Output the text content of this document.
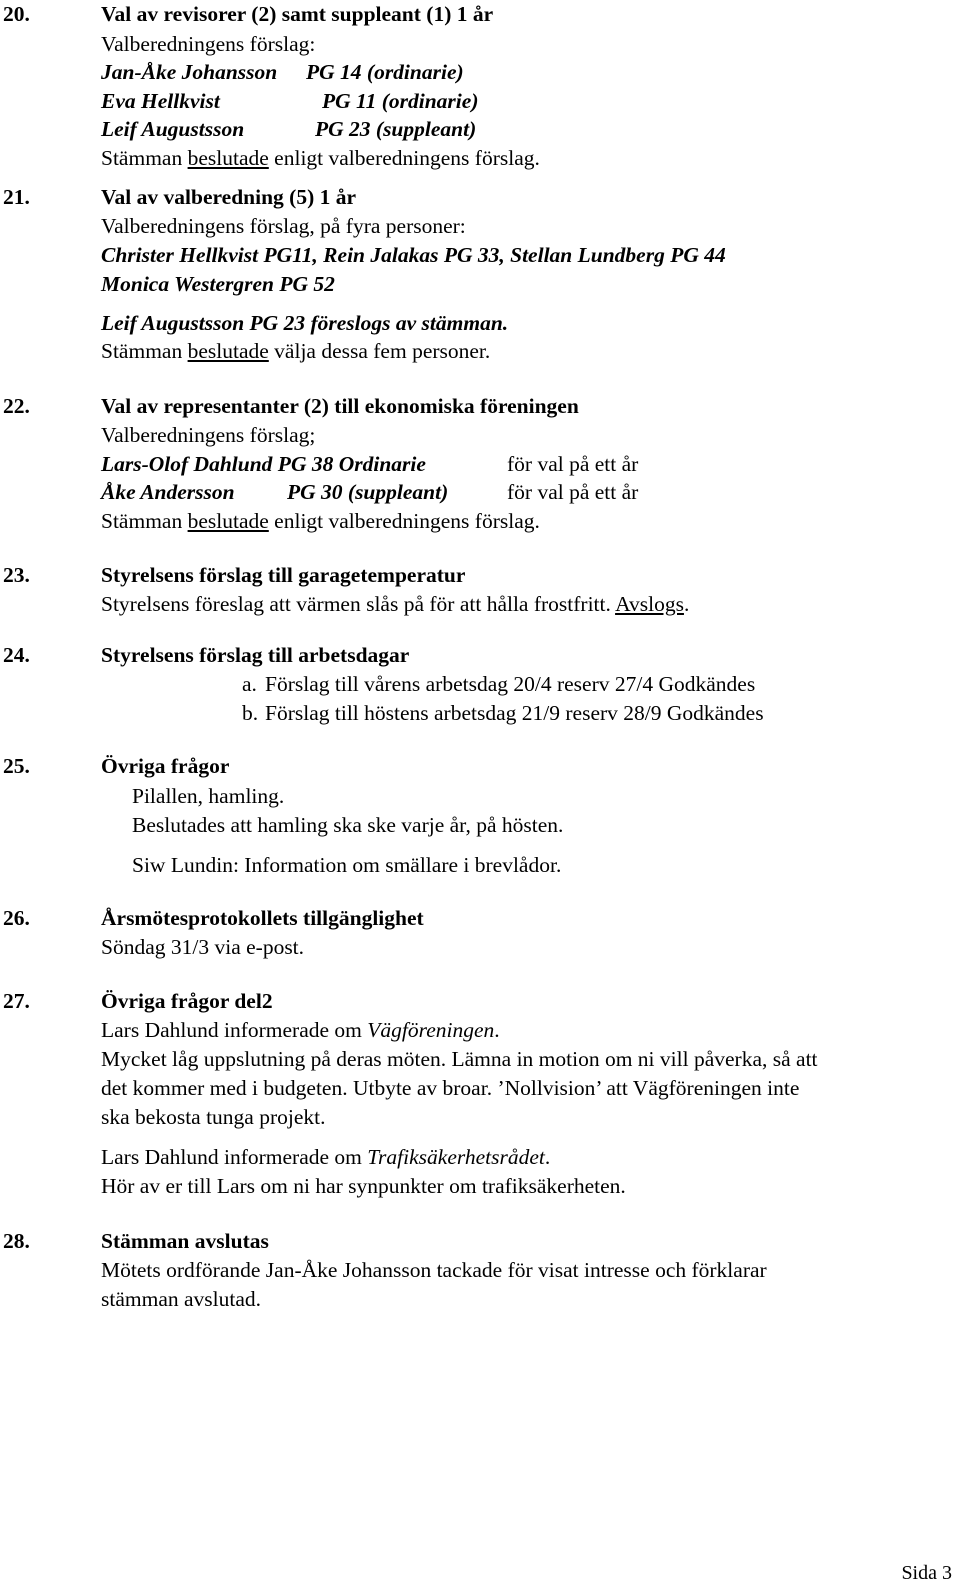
20.	Val av revisorer (2) samt suppleant (1) 1 år
Valberedningens förslag:
Jan-Åke Johansson PG 14 (ordinarie)
Eva Hellkvist	PG 11 (ordinarie)
Leif Augustsson	PG 23 (suppleant)
Stämman beslutade enligt valberedningens förslag.
21.	Val av valberedning (5) 1 år
Valberedningens förslag, på fyra personer:
Christer Hellkvist PG11, Rein Jalakas PG 33, Stellan Lundberg PG 44
Monica Westergren PG 52
Leif Augustsson PG 23 föreslogs av stämman.
Stämman beslutade välja dessa fem personer.
22.	Val av representanter (2) till ekonomiska föreningen
Valberedningens förslag;
Lars-Olof Dahlund PG 38 Ordinarie	för val på ett år
Åke Andersson PG 30 (suppleant)	för val på ett år
Stämman beslutade enligt valberedningens förslag.
23.	Styrelsens förslag till garagetemperatur
Styrelsens föreslag att värmen slås på för att hålla frostfritt. Avslogs.
24.	Styrelsens förslag till arbetsdagar
a. Förslag till vårens arbetsdag 20/4 reserv 27/4 Godkändes
b. Förslag till höstens arbetsdag 21/9 reserv 28/9 Godkändes
25.	Övriga frågor
Pilallen, hamling.
Beslutades att hamling ska ske varje år, på hösten.
Siw Lundin: Information om smällare i brevlådor.
26.	Årsmötesprotokollets tillgänglighet
Söndag 31/3 via e-post.
27.	Övriga frågor del2
Lars Dahlund informerade om Vägföreningen.
Mycket låg uppslutning på deras möten. Lämna in motion om ni vill påverka, så att
det kommer med i budgeten. Utbyte av broar. ’Nollvision’ att Vägföreningen inte
ska bekosta tunga projekt.
Lars Dahlund informerade om Trafiksäkerhetsrådet.
Hör av er till Lars om ni har synpunkter om trafiksäkerheten.
28.	Stämman avslutas
Mötets ordförande Jan-Åke Johansson tackade för visat intresse och förklarar
stämman avslutad.
Sida 3
